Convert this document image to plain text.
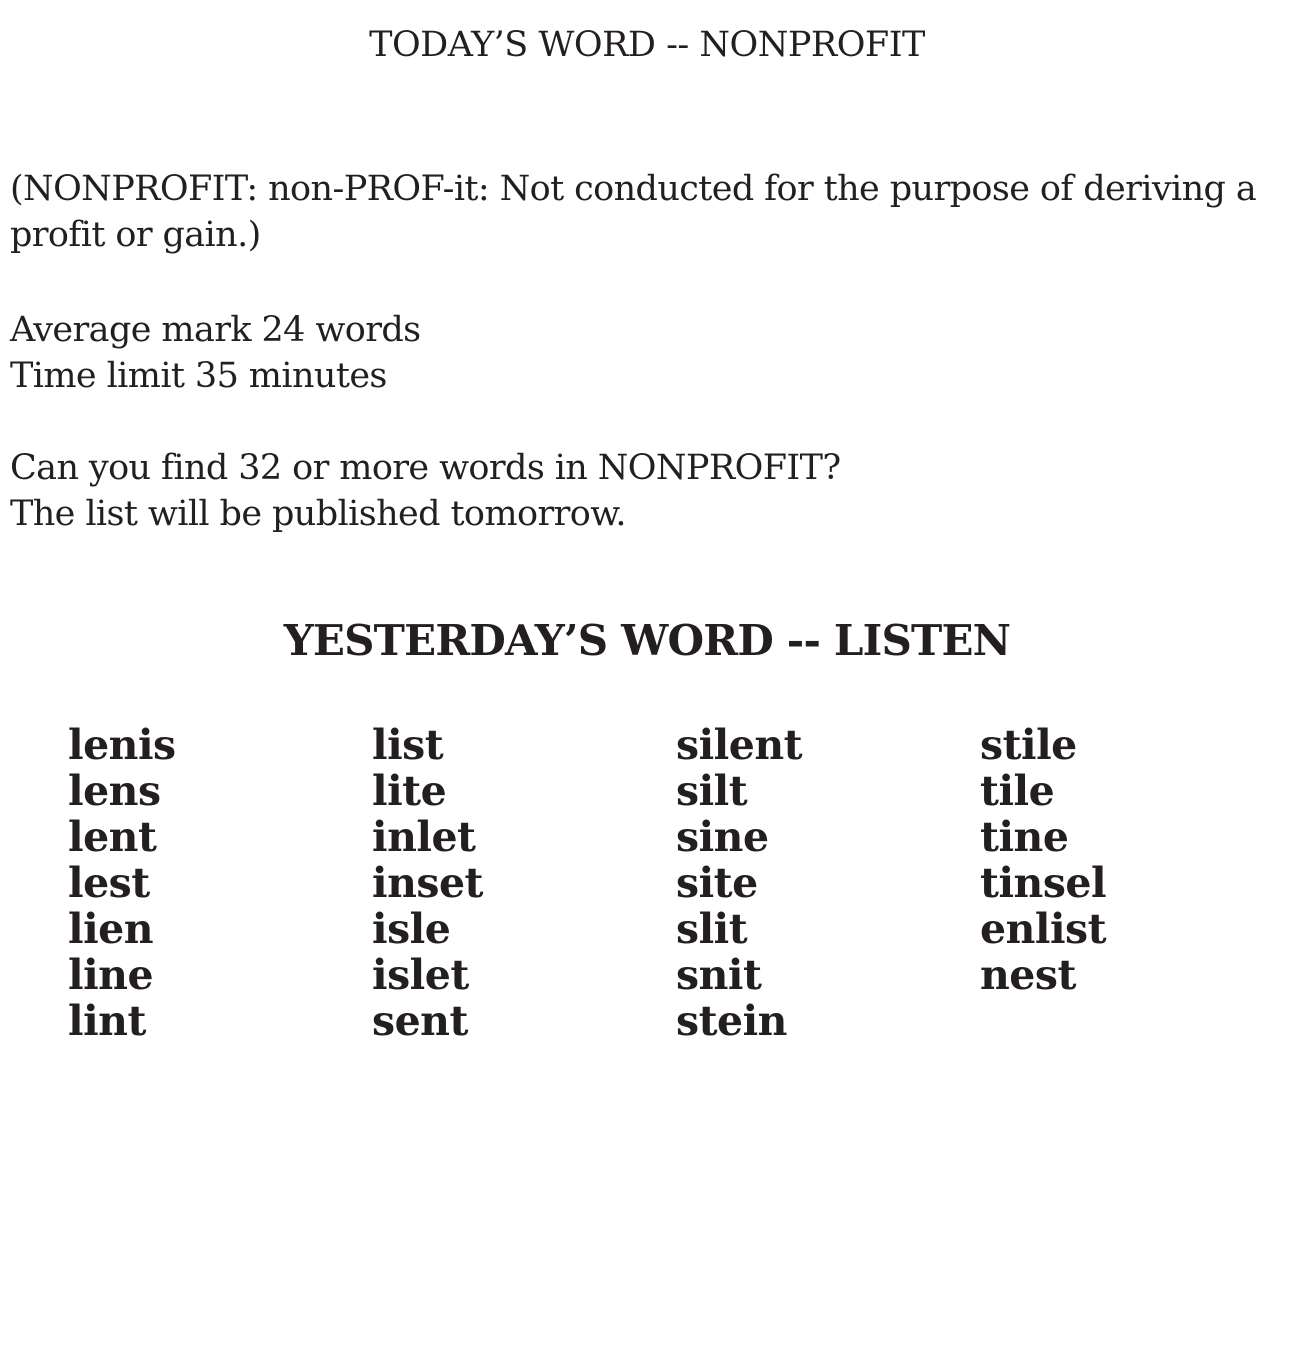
TODAY’S WORD -- NONPROFIT
(NONPROFIT: non-PROF-it: Not conducted for the purpose of deriving a profit or gain.)
Average mark 24 words
Time limit 35 minutes
Can you find 32 or more words in NONPROFIT?
The list will be published tomorrow.
YESTERDAY’S WORD -- LISTEN
lenis
lens
lent
lest
lien
line
lint
list
lite
inlet
inset
isle
islet
sent
silent
silt
sine
site
slit
snit
stein
stile
tile
tine
tinsel
enlist
nest
